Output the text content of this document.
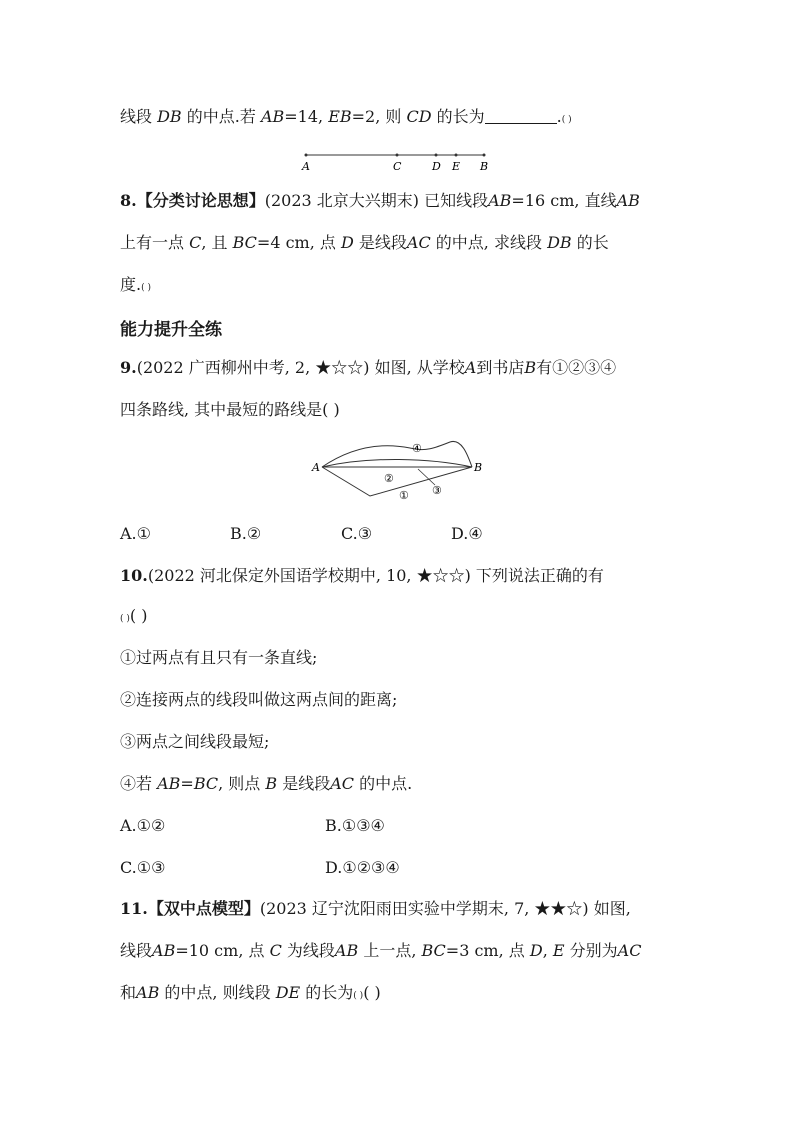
线段 DB 的中点.若 AB=14, EB=2, 则 CD 的长为	.( )
A	C	D E B
8.【分类讨论思想】(2023 北京大兴期末) 已知线段AB=16 cm, 直线AB
上有一点 C, 且 BC=4 cm, 点 D 是线段AC 的中点, 求线段 DB 的长
度.( )
能力提升全练
9.(2022 广西柳州中考, 2, ★☆☆) 如图, 从学校A到书店B有①②③④
四条路线, 其中最短的路线是( )
A	B
④
②
③
①
A.①	B.②	C.③	D.④
10.(2022 河北保定外国语学校期中, 10, ★☆☆) 下列说法正确的有
( )( )
①过两点有且只有一条直线;
②连接两点的线段叫做这两点间的距离;
③两点之间线段最短;
④若 AB=BC, 则点 B 是线段AC 的中点.
A.①②	B.①③④
C.①③	D.①②③④
11.【双中点模型】(2023 辽宁沈阳雨田实验中学期末, 7, ★★☆) 如图,
线段AB=10 cm, 点 C 为线段AB 上一点, BC=3 cm, 点 D, E 分别为AC
和AB 的中点, 则线段 DE 的长为( )( )
